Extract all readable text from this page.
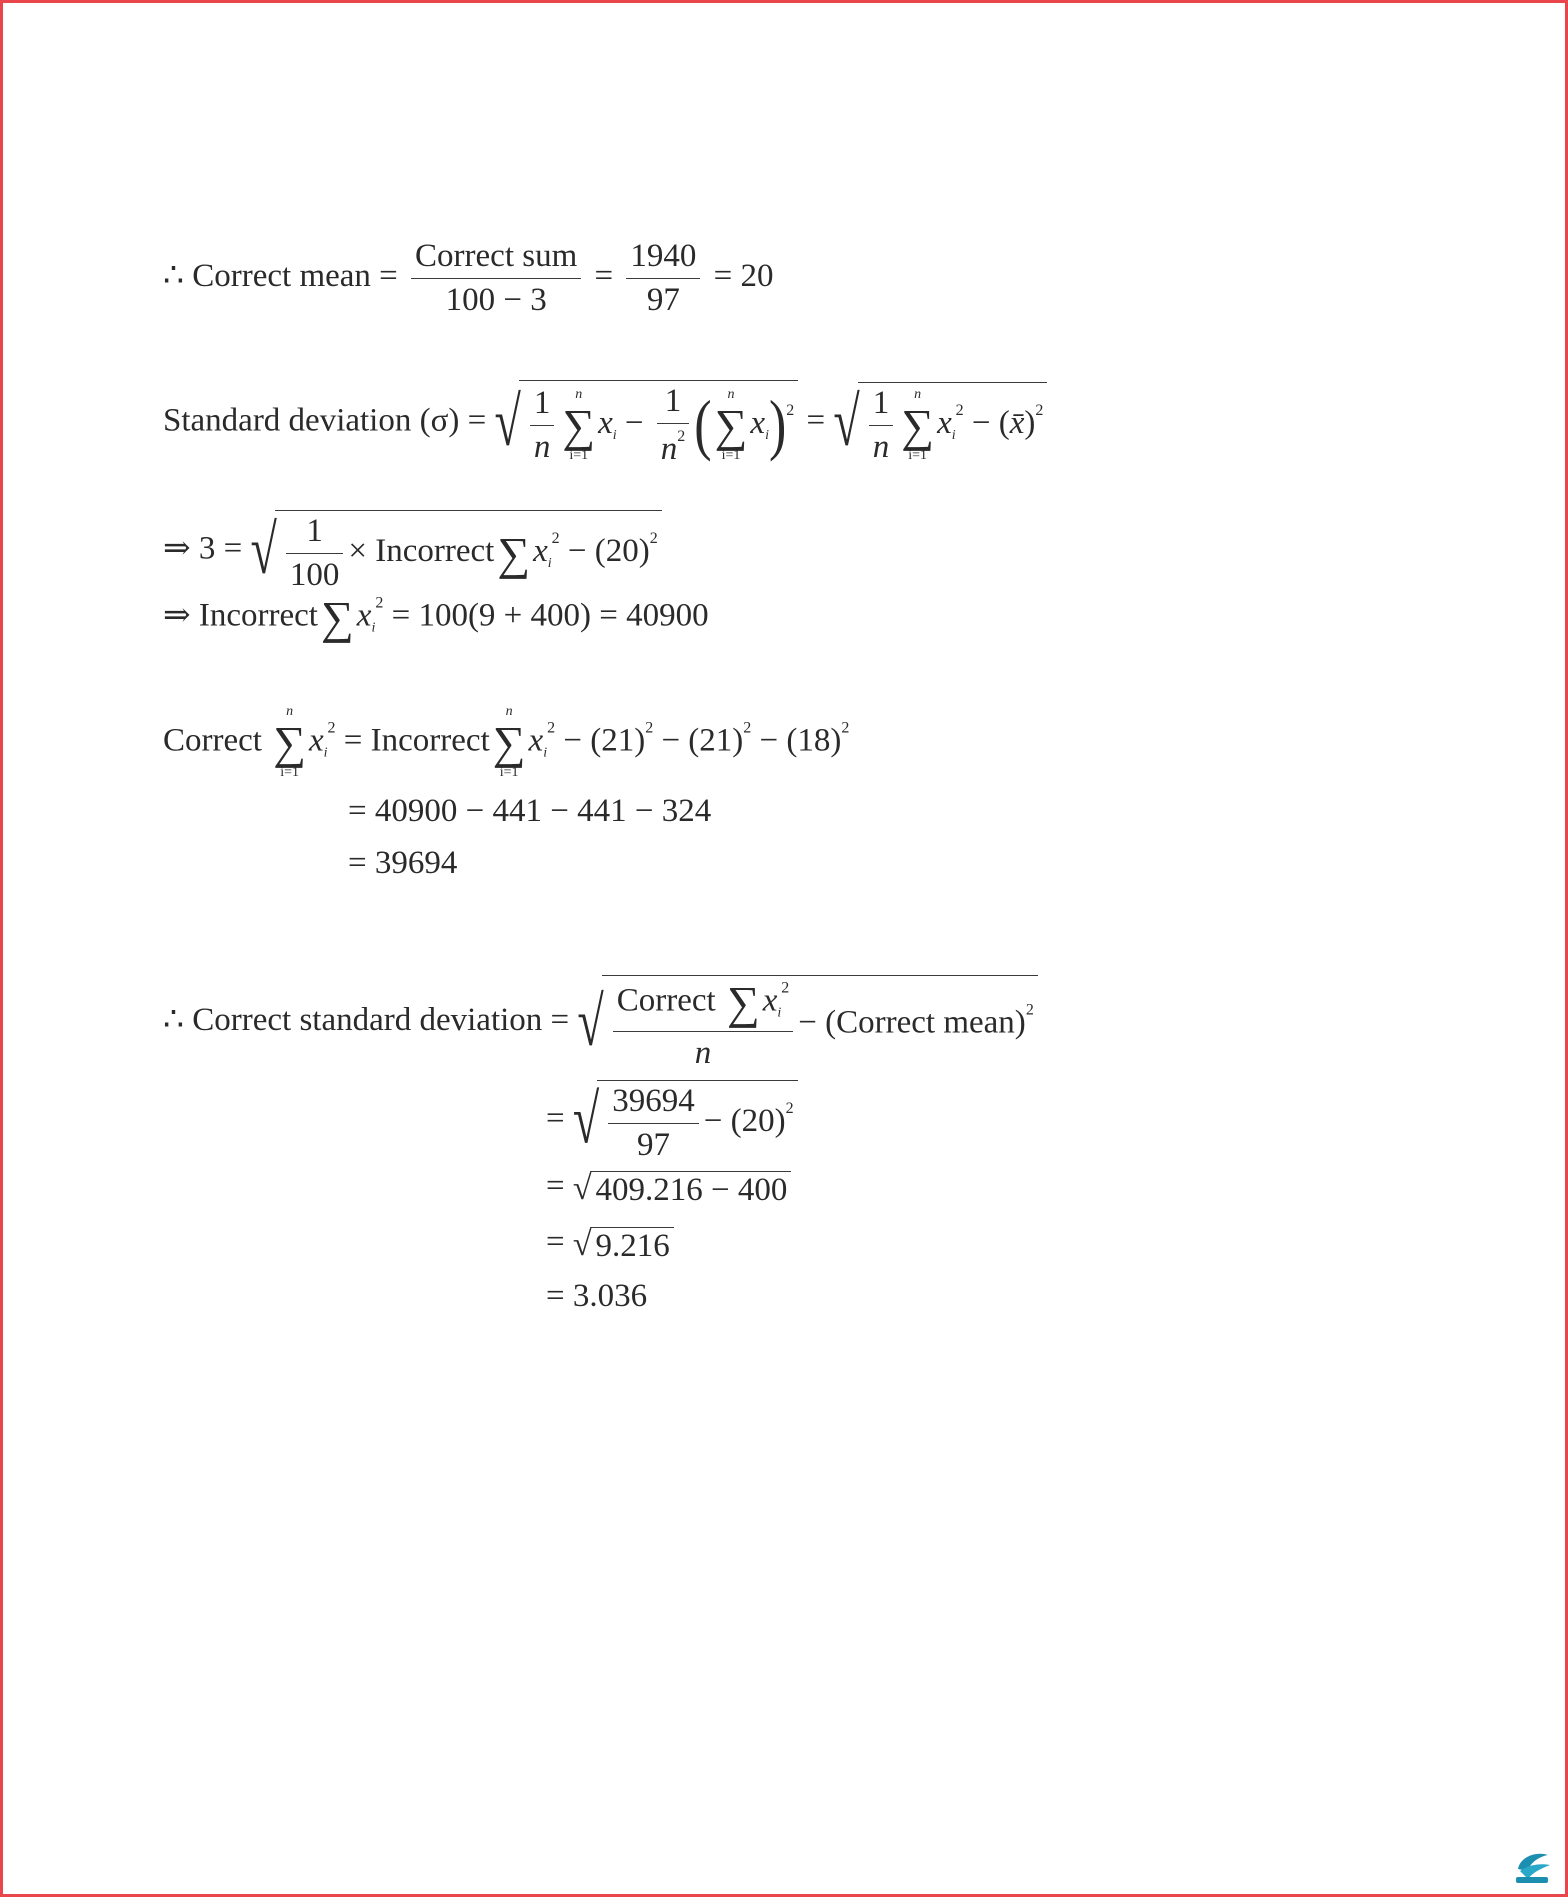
∴ Correct mean = $\frac{\text{Correct sum}}{100 - 3} = \frac{1940}{97} = 20$
Standard deviation (σ) = √ $\frac{1}{n}$ ∑
n
i=1
$x_i - \frac{1}{n^2}$ (∑
n
i=1
$x_i)^2$ = √ $\frac{1}{n}$ ∑
n
i=1
$x_i^2$ − (x̄)$^2$
⇒ 3 = √ $\frac{1}{100}$ × $Incorrect\sum x_i^2 - (20)^2$
⇒ $Incorrect\sum x_i^2 = 100(9 + 400) = 40900$
Correct ∑
n
i=1
$x_i^2$ = Incorrect∑
n
i=1
$x_i^2 - (21)^2 - (21)^2 - (18)^2$
= 40900 − 441 − 441 − 324
= 39694
∴ Correct standard deviation = √ $\frac{Correct \sum x_i^2}{n}$ − (Correct mean)$^2$
= √ $\frac{39694}{97} - (20)^2$
= √ 409.216 − 400
= √ 9.216
= 3.036
